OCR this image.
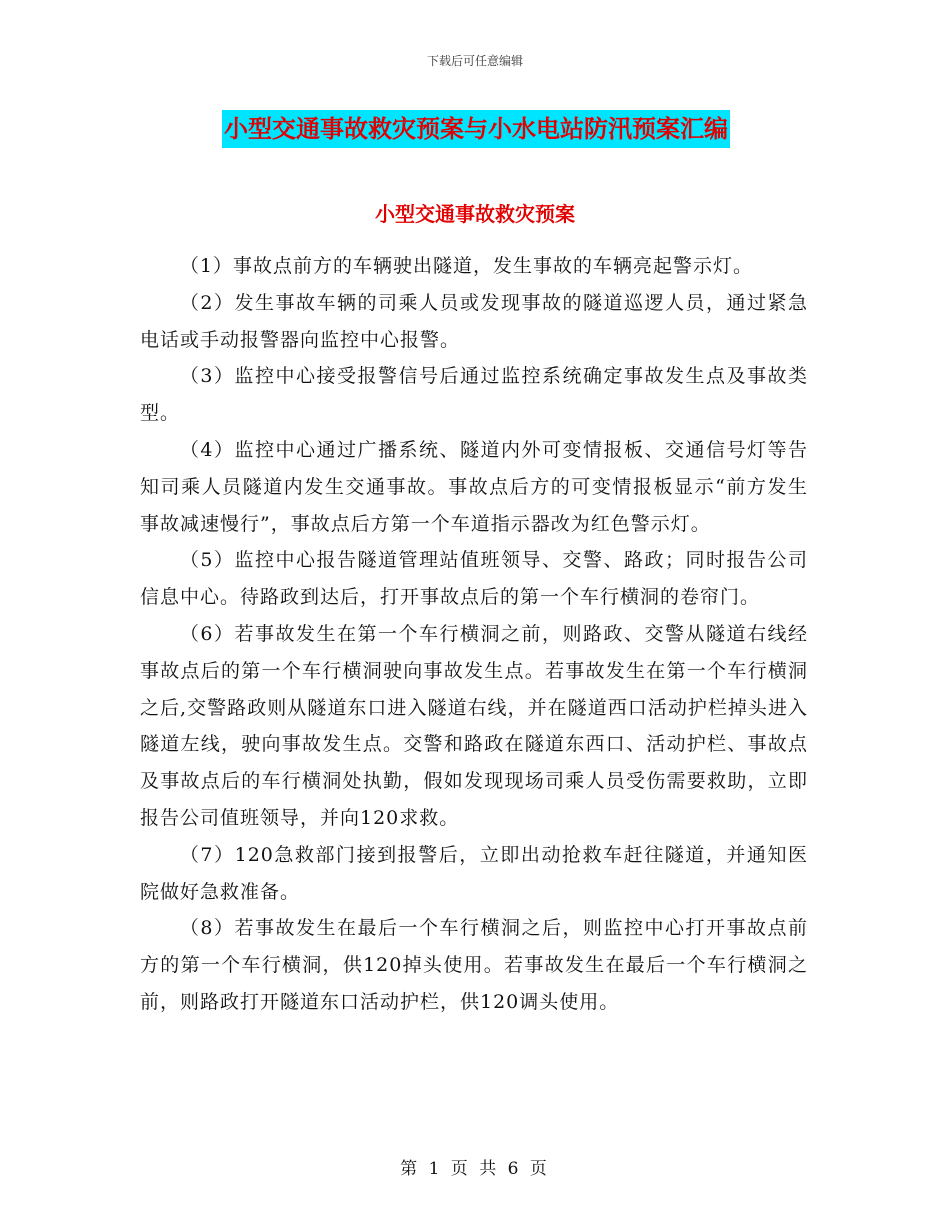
下载后可任意编辑
小型交通事故救灾预案与小水电站防汛预案汇编
小型交通事故救灾预案

（1）事故点前方的车辆驶出隧道，发生事故的车辆亮起警示灯。

（2）发生事故车辆的司乘人员或发现事故的隧道巡逻人员，通过紧急电话或手动报警器向监控中心报警。

（3）监控中心接受报警信号后通过监控系统确定事故发生点及事故类型。

（4）监控中心通过广播系统、隧道内外可变情报板、交通信号灯等告知司乘人员隧道内发生交通事故。事故点后方的可变情报板显示“前方发生事故减速慢行”，事故点后方第一个车道指示器改为红色警示灯。

（5）监控中心报告隧道管理站值班领导、交警、路政；同时报告公司信息中心。待路政到达后，打开事故点后的第一个车行横洞的卷帘门。

（6）若事故发生在第一个车行横洞之前，则路政、交警从隧道右线经事故点后的第一个车行横洞驶向事故发生点。若事故发生在第一个车行横洞之后,交警路政则从隧道东口进入隧道右线，并在隧道西口活动护栏掉头进入隧道左线，驶向事故发生点。交警和路政在隧道东西口、活动护栏、事故点及事故点后的车行横洞处执勤，假如发现现场司乘人员受伤需要救助，立即报告公司值班领导，并向120求救。

（7）120急救部门接到报警后，立即出动抢救车赶往隧道，并通知医院做好急救准备。

（8）若事故发生在最后一个车行横洞之后，则监控中心打开事故点前方的第一个车行横洞，供120掉头使用。若事故发生在最后一个车行横洞之前，则路政打开隧道东口活动护栏，供120调头使用。

第 1 页 共 6 页
